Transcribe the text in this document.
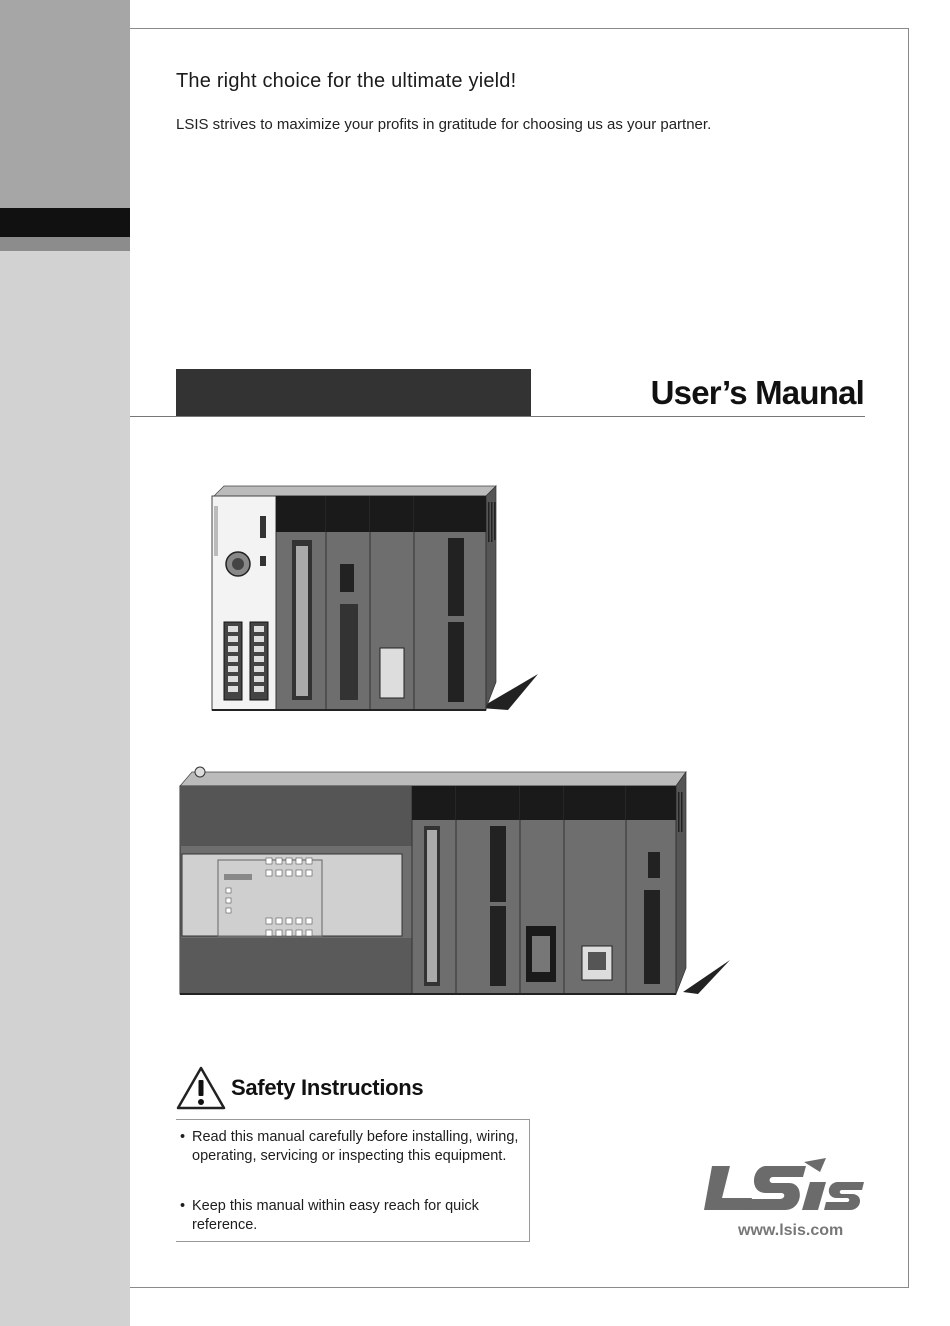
The right choice for the ultimate yield!
LSIS strives to maximize your profits in gratitude for choosing us as your partner.
User’s Maunal
Safety Instructions
• Read this manual carefully before installing, wiring, operating, servicing or inspecting this equipment.
• Keep this manual within easy reach for quick reference.	www.lsis.com
